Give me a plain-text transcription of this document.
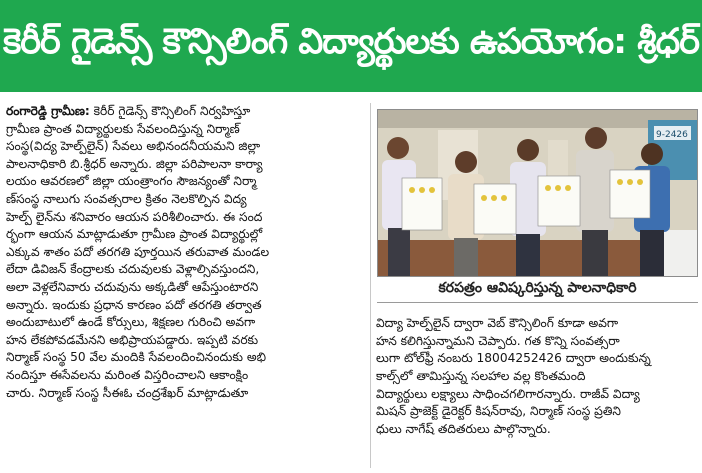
కెరీర్ గైడెన్స్ కౌన్సిలింగ్ విద్యార్థులకు ఉపయోగం: శ్రీధర్
రంగారెడ్డి గ్రామీణ: కెరీర్ గైడెన్స్ కౌన్సిలింగ్ నిర్వహిస్తూ
గ్రామీణ ప్రాంత విద్యార్థులకు సేవలందిస్తున్న నిర్మాణ్
సంస్థ(విద్య హెల్ప్‌లైన్) సేవలు అభినందనీయమని జిల్లా
పాలనాధికారి బి.శ్రీధర్ అన్నారు. జిల్లా పరిపాలనా కార్యా
లయం ఆవరణలో జిల్లా యంత్రాంగం సౌజన్యంతో నిర్మా
ణ్‌సంస్థ నాలుగు సంవత్సరాల క్రితం నెలకొల్పిన విద్య
హెల్ప్ లైన్‌ను శనివారం ఆయన పరిశీలించారు. ఈ సంద
ర్భంగా ఆయన మాట్లాడుతూ గ్రామీణ ప్రాంత విద్యార్థుల్లో
ఎక్కువ శాతం పదో తరగతి పూర్తయిన తరువాత మండల
లేదా డివిజన్ కేంద్రాలకు చదువులకు వెళ్లాల్సివస్తుందని,
అలా వెళ్లలేనివారు చదువును అక్కడితో ఆపేస్తుంటారని
అన్నారు. ఇందుకు ప్రధాన కారణం పదో తరగతి తర్వాత
అందుబాటులో ఉండే కోర్సులు, శిక్షణల గురించి అవగా
హన లేకపోవడమేనని అభిప్రాయపడ్డారు. ఇప్పటి వరకు
నిర్మాణ్ సంస్థ 50 వేల మందికి సేవలందించినందుకు అభి
నందిస్తూ ఈసేవలను మరింత విస్తరించాలని ఆకాంక్షిం
చారు. నిర్మాణ్ సంస్థ సీఈఓ చంద్రశేఖర్ మాట్లాడుతూ
9-2426
కరపత్రం ఆవిష్కరిస్తున్న పాలనాధికారి
విద్యా హెల్ప్‌లైన్ ద్వారా వెబ్ కౌన్సిలింగ్ కూడా అవగా
హన కలిగిస్తున్నామని చెప్పారు. గత కొన్ని సంవత్సరా
లుగా టోల్‌ఫ్రీ నంబరు 18004252426 ద్వారా అందుకున్న
కాల్స్‌లో తామిస్తున్న సలహాల వల్ల కొంతమంది
విద్యార్థులు లక్ష్యాలు సాధించగలిగారన్నారు. రాజీవ్ విద్యా
మిషన్ ప్రాజెక్ట్ డైరెక్టర్ కిషన్‌రావు, నిర్మాణ్ సంస్థ ప్రతిని
ధులు నాగేష్ తదితరులు పాల్గొన్నారు.
